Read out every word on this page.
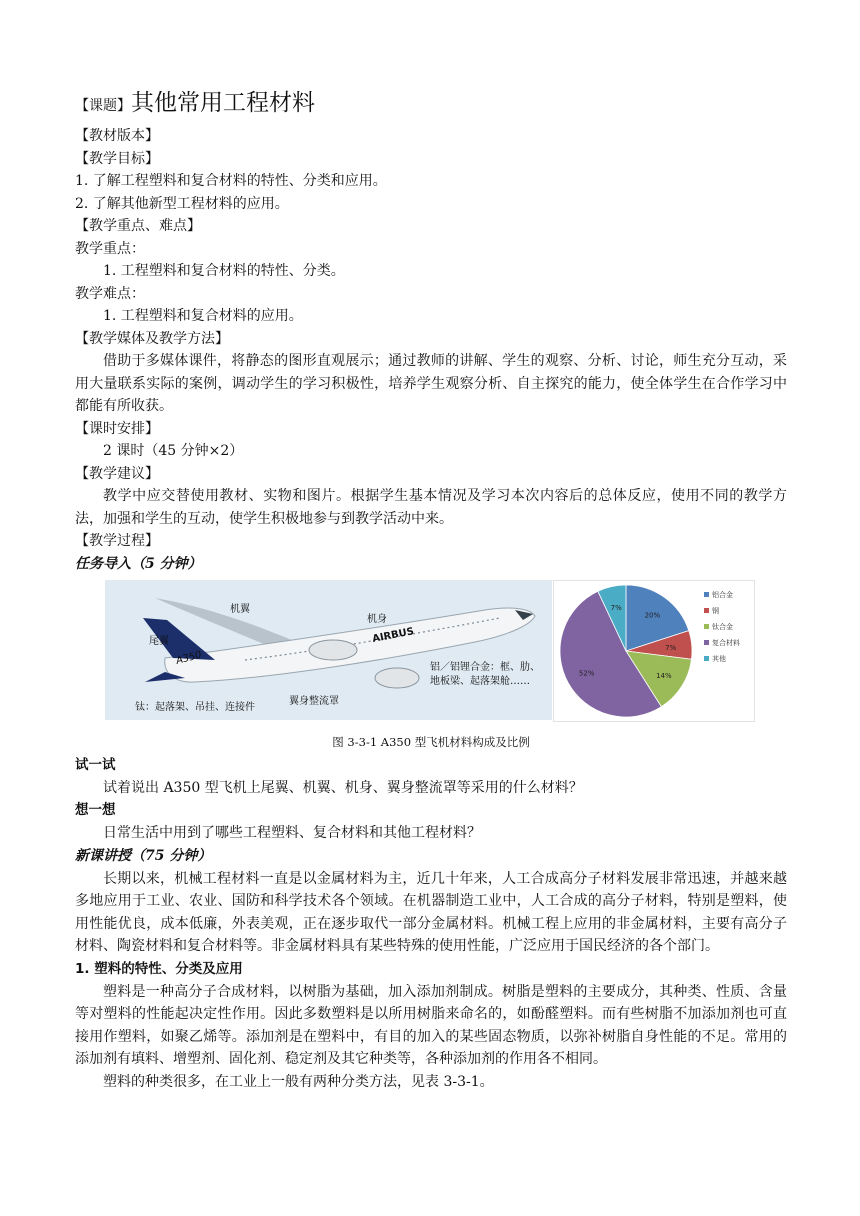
【课题】其他常用工程材料
【教材版本】
【教学目标】
1. 了解工程塑料和复合材料的特性、分类和应用。
2. 了解其他新型工程材料的应用。
【教学重点、难点】
教学重点：
1. 工程塑料和复合材料的特性、分类。
教学难点：
1. 工程塑料和复合材料的应用。
【教学媒体及教学方法】
借助于多媒体课件，将静态的图形直观展示；通过教师的讲解、学生的观察、分析、讨论，师生充分互动，采用大量联系实际的案例，调动学生的学习积极性，培养学生观察分析、自主探究的能力，使全体学生在合作学习中都能有所收获。
【课时安排】
2 课时（45 分钟×2）
【教学建议】
教学中应交替使用教材、实物和图片。根据学生基本情况及学习本次内容后的总体反应，使用不同的教学方法，加强和学生的互动，使学生积极地参与到教学活动中来。
【教学过程】
任务导入（5 分钟）
AIRBUS
A350
机翼
机身
尾翼
翼身整流罩
钛：起落架、吊挂、连接件
铝／铝锂合金：框、肋、
地板梁、起落架舱……
20%
7%
14%
52%
7%
铝合金
钢
钛合金
复合材料
其他
图 3-3-1 A350 型飞机材料构成及比例
试一试
试着说出 A350 型飞机上尾翼、机翼、机身、翼身整流罩等采用的什么材料？
想一想
日常生活中用到了哪些工程塑料、复合材料和其他工程材料？
新课讲授（75 分钟）
长期以来，机械工程材料一直是以金属材料为主，近几十年来，人工合成高分子材料发展非常迅速，并越来越多地应用于工业、农业、国防和科学技术各个领域。在机器制造工业中，人工合成的高分子材料，特别是塑料，使用性能优良，成本低廉，外表美观，正在逐步取代一部分金属材料。机械工程上应用的非金属材料，主要有高分子材料、陶瓷材料和复合材料等。非金属材料具有某些特殊的使用性能，广泛应用于国民经济的各个部门。
1. 塑料的特性、分类及应用
塑料是一种高分子合成材料，以树脂为基础，加入添加剂制成。树脂是塑料的主要成分，其种类、性质、含量等对塑料的性能起决定性作用。因此多数塑料是以所用树脂来命名的，如酚醛塑料。而有些树脂不加添加剂也可直接用作塑料，如聚乙烯等。添加剂是在塑料中，有目的加入的某些固态物质，以弥补树脂自身性能的不足。常用的添加剂有填料、增塑剂、固化剂、稳定剂及其它种类等，各种添加剂的作用各不相同。
塑料的种类很多，在工业上一般有两种分类方法，见表 3-3-1。
